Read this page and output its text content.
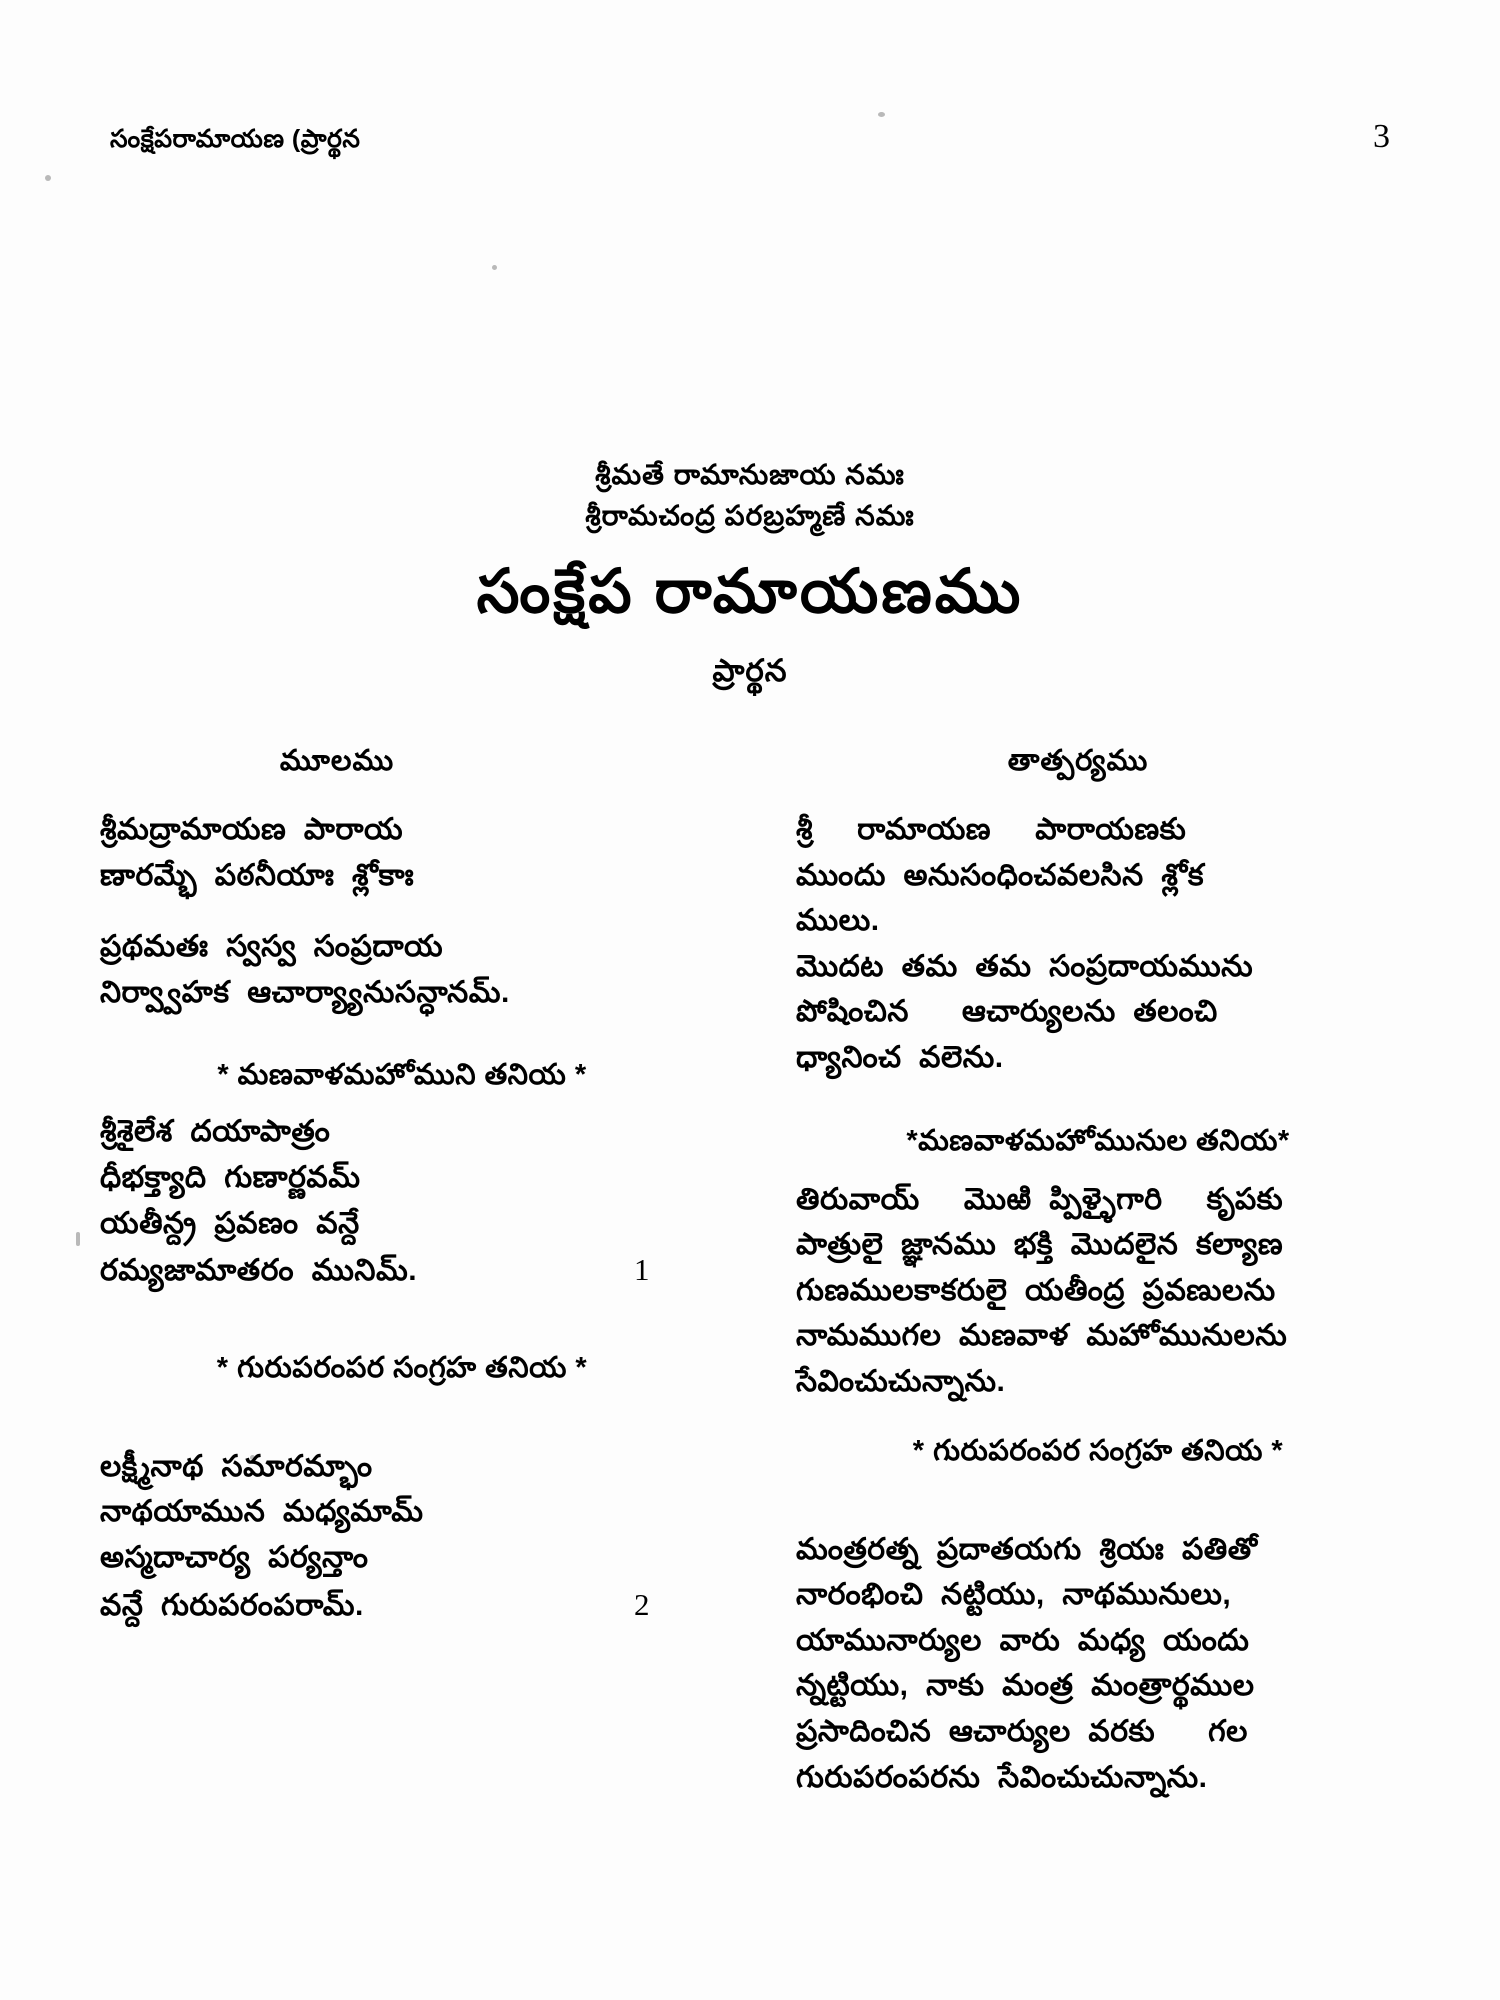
సంక్షేపరామాయణ (ప్రార్థన	3
శ్రీమతే రామానుజాయ నమః
శ్రీరామచంద్ర పరబ్రహ్మణే నమః
సంక్షేప రామాయణము
ప్రార్థన
మూలము
శ్రీమద్రామాయణ  పారాయ
ణారమ్భే  పఠనీయాః  శ్లోకాః
ప్రథమతః  స్వస్వ  సంప్రదాయ
నిర్వ్వాహక  ఆచార్య్యానుసన్ధానమ్.
* మణవాళమహోముని తనియ *
శ్రీశైలేశ  దయాపాత్రం
ధీభక్త్యాది  గుణార్ణవమ్
యతీన్ద్ర  ప్రవణం  వన్దే
రమ్యజామాతరం  మునిమ్.	1
* గురుపరంపర సంగ్రహ తనియ *
లక్ష్మీనాథ  సమారమ్భాం
నాథయామున  మధ్యమామ్
అస్మదాచార్య  పర్యన్తాం
వన్దే  గురుపరంపరామ్.	2
తాత్పర్యము
శ్రీ     రామాయణ     పారాయణకు
ముందు  అనుసంధించవలసిన  శ్లోక
ములు.
మొదట  తమ  తమ  సంప్రదాయమును
పోషించిన      ఆచార్యులను  తలంచి
ధ్యానించ  వలెను.
*మణవాళమహోమునుల తనియ*
తిరువాయ్     మొఱి  ప్పిళ్ళైగారి     కృపకు
పాత్రులై  జ్ఞానము  భక్తి  మొదలైన  కల్యాణ
గుణములకాకరులై  యతీంద్ర  ప్రవణులను
నామముగల  మణవాళ  మహోమునులను
సేవించుచున్నాను.
* గురుపరంపర సంగ్రహ తనియ *
మంత్రరత్న  ప్రదాతయగు  శ్రియః  పతితో
నారంభించి  నట్టియు,  నాథమునులు,
యామునార్యుల  వారు  మధ్య  యందు
న్నట్టియు,  నాకు  మంత్ర  మంత్రార్థముల
ప్రసాదించిన  ఆచార్యుల  వరకు      గల
గురుపరంపరను  సేవించుచున్నాను.
